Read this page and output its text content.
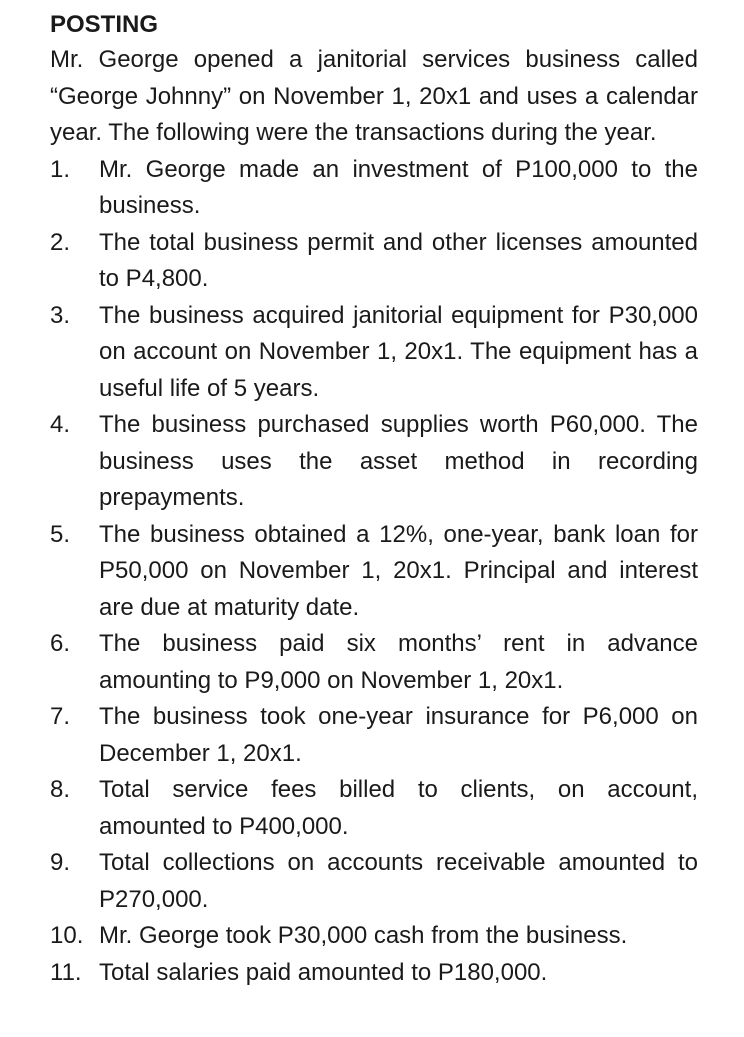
POSTING

Mr. George opened a janitorial services business called “George Johnny” on November 1, 20x1 and uses a calendar year. The following were the transactions during the year.

1.	Mr. George made an investment of P100,000 to the business.
2.	The total business permit and other licenses amounted to P4,800.
3.	The business acquired janitorial equipment for P30,000 on account on November 1, 20x1. The equipment has a useful life of 5 years.
4.	The business purchased supplies worth P60,000. The business uses the asset method in recording prepayments.
5.	The business obtained a 12%, one-year, bank loan for P50,000 on November 1, 20x1. Principal and interest are due at maturity date.
6.	The business paid six months’ rent in advance amounting to P9,000 on November 1, 20x1.
7.	The business took one-year insurance for P6,000 on December 1, 20x1.
8.	Total service fees billed to clients, on account, amounted to P400,000.
9.	Total collections on accounts receivable amounted to P270,000.
10. Mr. George took P30,000 cash from the business.
11. Total salaries paid amounted to P180,000.
